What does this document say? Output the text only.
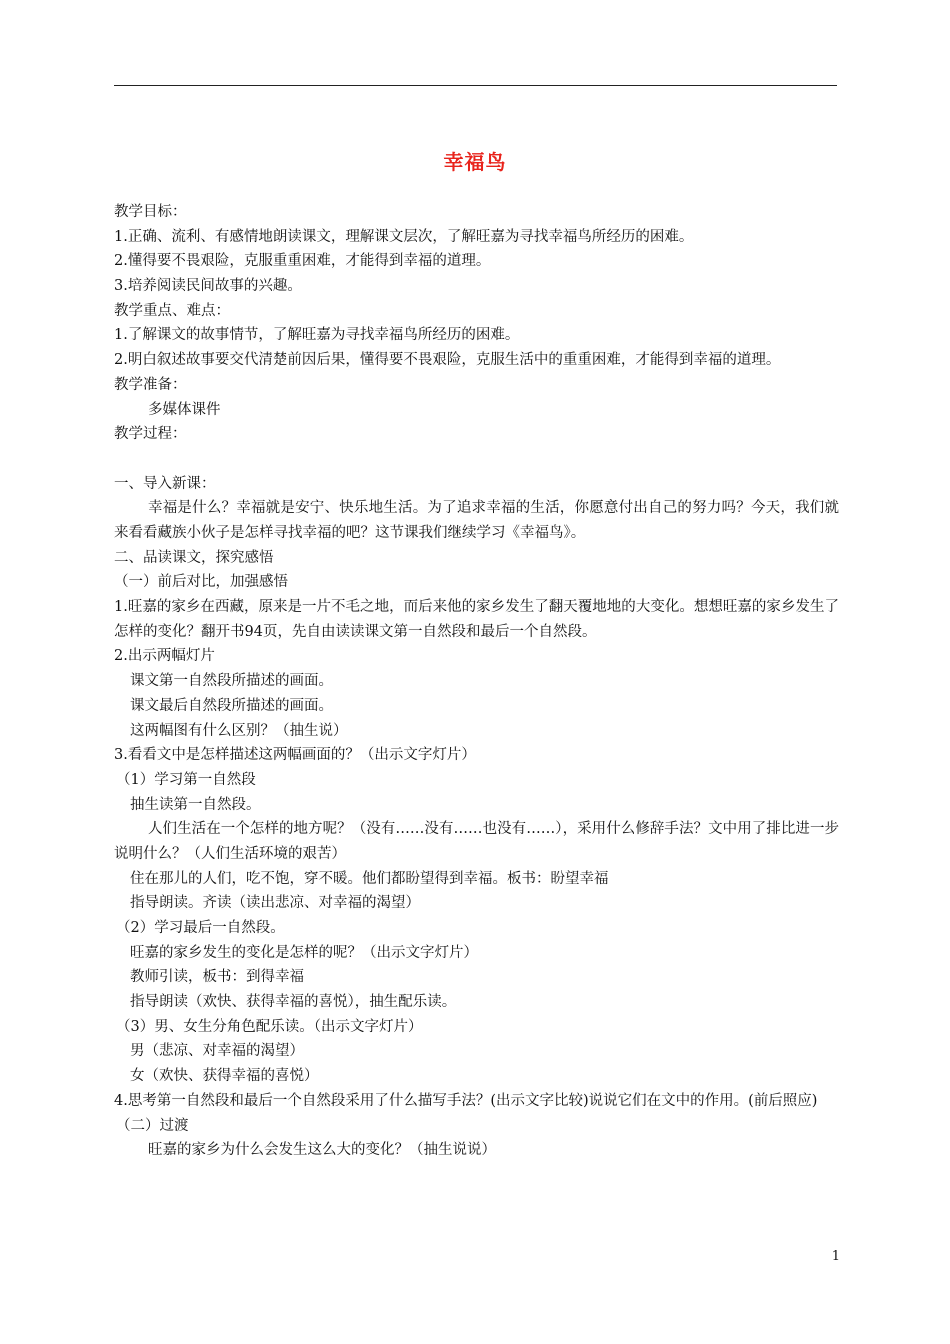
幸福鸟

教学目标：

1.正确、流利、有感情地朗读课文，理解课文层次，了解旺嘉为寻找幸福鸟所经历的困难。

2.懂得要不畏艰险，克服重重困难，才能得到幸福的道理。

3.培养阅读民间故事的兴趣。

教学重点、难点：

1.了解课文的故事情节，了解旺嘉为寻找幸福鸟所经历的困难。

2.明白叙述故事要交代清楚前因后果，懂得要不畏艰险，克服生活中的重重困难，才能得到幸福的道理。

教学准备：

多媒体课件

教学过程：

一、导入新课：

幸福是什么？幸福就是安宁、快乐地生活。为了追求幸福的生活，你愿意付出自己的努力吗？今天，我们就来看看藏族小伙子是怎样寻找幸福的吧？这节课我们继续学习《幸福鸟》。

二、品读课文，探究感悟

（一）前后对比，加强感悟

1.旺嘉的家乡在西藏，原来是一片不毛之地，而后来他的家乡发生了翻天覆地地的大变化。想想旺嘉的家乡发生了怎样的变化？翻开书94页，先自由读读课文第一自然段和最后一个自然段。

2.出示两幅灯片

课文第一自然段所描述的画面。

课文最后自然段所描述的画面。

这两幅图有什么区别？（抽生说）

3.看看文中是怎样描述这两幅画面的？（出示文字灯片）

（1）学习第一自然段

抽生读第一自然段。

人们生活在一个怎样的地方呢？（没有……没有……也没有……），采用什么修辞手法？文中用了排比进一步说明什么？（人们生活环境的艰苦）

住在那儿的人们，吃不饱，穿不暖。他们都盼望得到幸福。板书：盼望幸福

指导朗读。齐读（读出悲凉、对幸福的渴望）

（2）学习最后一自然段。

旺嘉的家乡发生的变化是怎样的呢？（出示文字灯片）

教师引读，板书：到得幸福

指导朗读（欢快、获得幸福的喜悦），抽生配乐读。

（3）男、女生分角色配乐读。（出示文字灯片）

男（悲凉、对幸福的渴望）

女（欢快、获得幸福的喜悦）

4.思考第一自然段和最后一个自然段采用了什么描写手法？(出示文字比较)说说它们在文中的作用。(前后照应)

（二）过渡

旺嘉的家乡为什么会发生这么大的变化？（抽生说说）

1
